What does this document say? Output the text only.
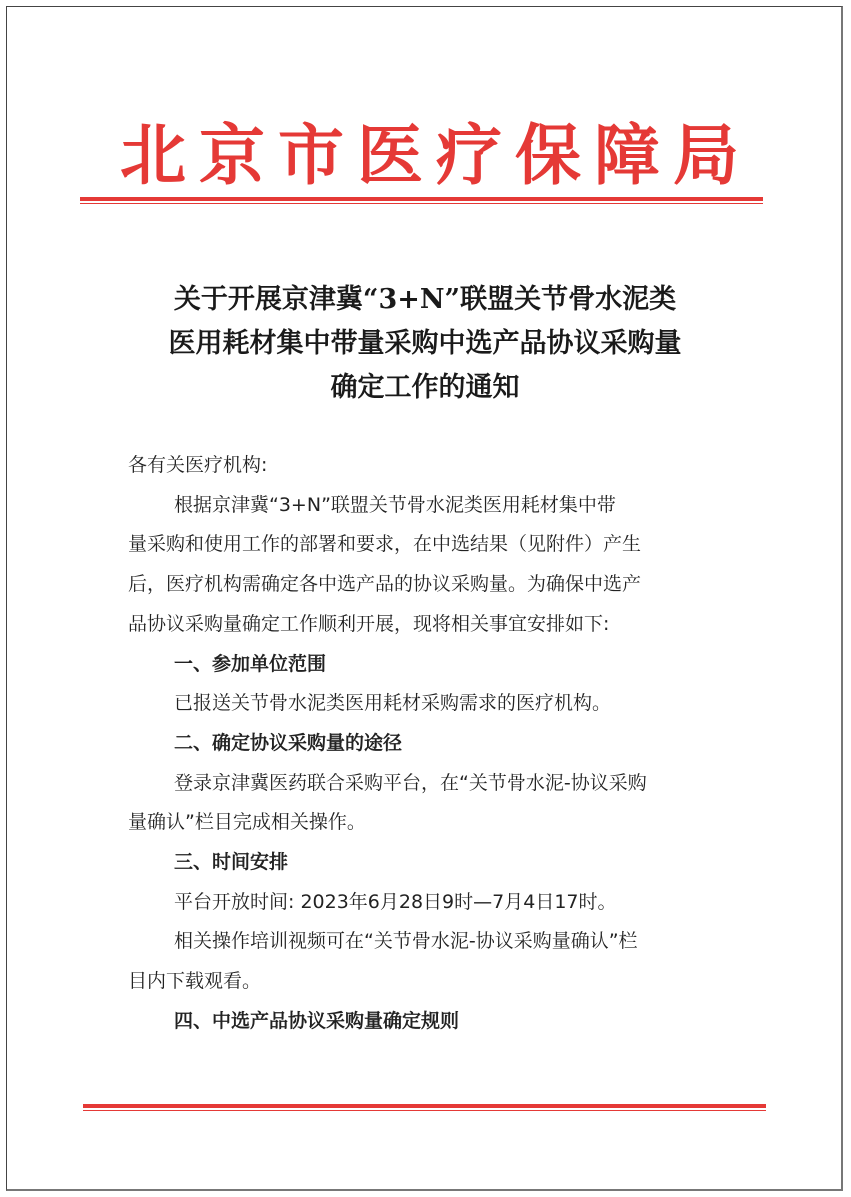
北京市医疗保障局
关于开展京津冀“3+N”联盟关节骨水泥类
医用耗材集中带量采购中选产品协议采购量
确定工作的通知

各有关医疗机构:

根据京津冀“3+N”联盟关节骨水泥类医用耗材集中带

量采购和使用工作的部署和要求，在中选结果（见附件）产生

后，医疗机构需确定各中选产品的协议采购量。为确保中选产

品协议采购量确定工作顺利开展，现将相关事宜安排如下:

一、参加单位范围

已报送关节骨水泥类医用耗材采购需求的医疗机构。

二、确定协议采购量的途径

登录京津冀医药联合采购平台，在“关节骨水泥-协议采购

量确认”栏目完成相关操作。

三、时间安排

平台开放时间: 2023年6月28日9时—7月4日17时。

相关操作培训视频可在“关节骨水泥-协议采购量确认”栏

目内下载观看。

四、中选产品协议采购量确定规则
